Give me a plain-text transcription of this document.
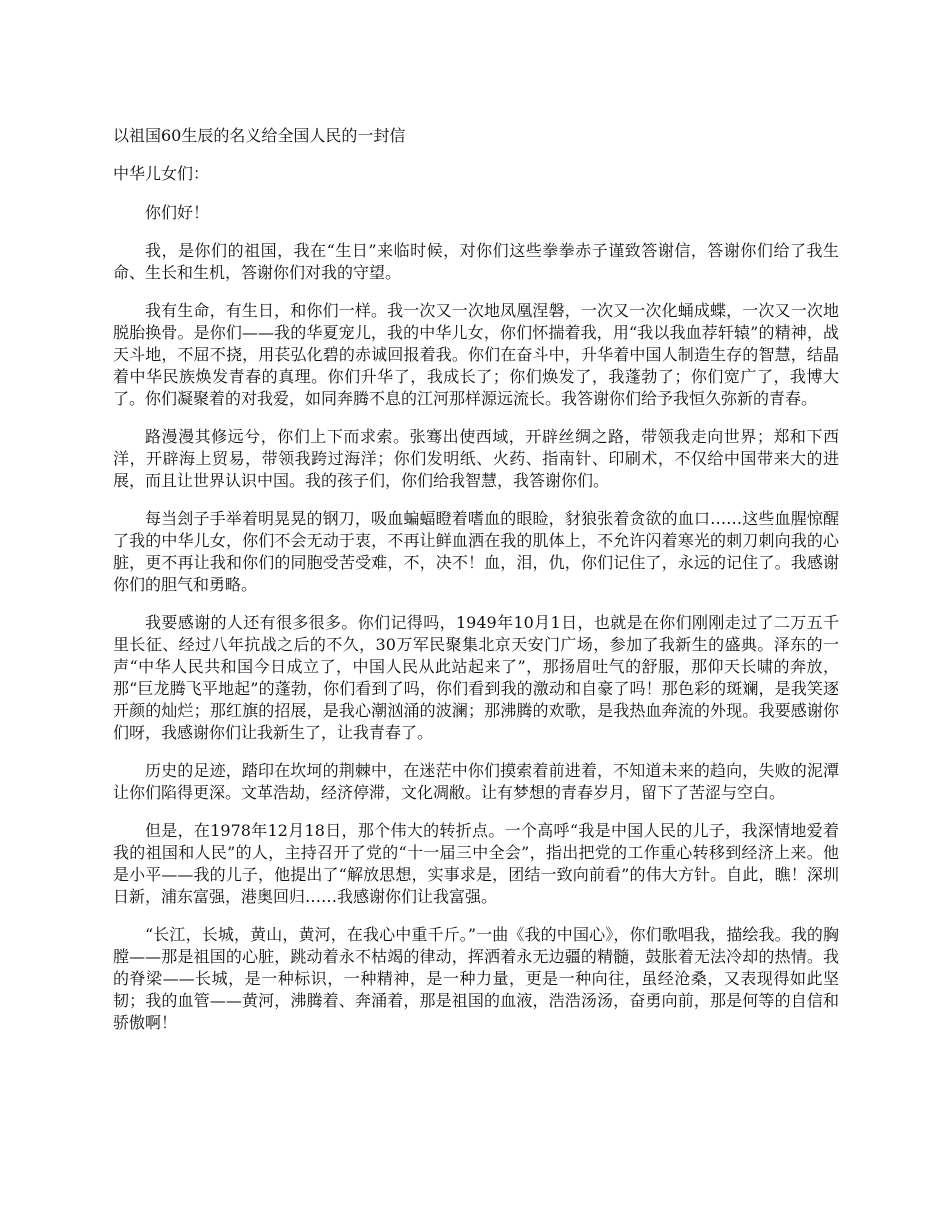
以祖国60生辰的名义给全国人民的一封信

中华儿女们：

你们好！

我，是你们的祖国，我在“生日”来临时候，对你们这些拳拳赤子谨致答谢信，答谢你们给了我生命、生长和生机，答谢你们对我的守望。

我有生命，有生日，和你们一样。我一次又一次地凤凰涅磐，一次又一次化蛹成蝶，一次又一次地脱胎换骨。是你们——我的华夏宠儿，我的中华儿女，你们怀揣着我，用“我以我血荐轩辕”的精神，战天斗地，不屈不挠，用苌弘化碧的赤诚回报着我。你们在奋斗中，升华着中国人制造生存的智慧，结晶着中华民族焕发青春的真理。你们升华了，我成长了；你们焕发了，我蓬勃了；你们宽广了，我博大了。你们凝聚着的对我爱，如同奔腾不息的江河那样源远流长。我答谢你们给予我恒久弥新的青春。

路漫漫其修远兮，你们上下而求索。张骞出使西域，开辟丝绸之路，带领我走向世界；郑和下西洋，开辟海上贸易，带领我跨过海洋；你们发明纸、火药、指南针、印刷术，不仅给中国带来大的进展，而且让世界认识中国。我的孩子们，你们给我智慧，我答谢你们。

每当刽子手举着明晃晃的钢刀，吸血蝙蝠瞪着嗜血的眼睑，豺狼张着贪欲的血口……这些血腥惊醒了我的中华儿女，你们不会无动于衷，不再让鲜血洒在我的肌体上，不允许闪着寒光的刺刀刺向我的心脏，更不再让我和你们的同胞受苦受难，不，决不！血，泪，仇，你们记住了，永远的记住了。我感谢你们的胆气和勇略。

我要感谢的人还有很多很多。你们记得吗，1949年10月1日，也就是在你们刚刚走过了二万五千里长征、经过八年抗战之后的不久，30万军民聚集北京天安门广场，参加了我新生的盛典。泽东的一声“中华人民共和国今日成立了，中国人民从此站起来了”，那扬眉吐气的舒服，那仰天长啸的奔放，那“巨龙腾飞平地起”的蓬勃，你们看到了吗，你们看到我的激动和自豪了吗！那色彩的斑斓，是我笑逐开颜的灿烂；那红旗的招展，是我心潮汹涌的波澜；那沸腾的欢歌，是我热血奔流的外现。我要感谢你们呀，我感谢你们让我新生了，让我青春了。

历史的足迹，踏印在坎坷的荆棘中，在迷茫中你们摸索着前进着，不知道未来的趋向，失败的泥潭让你们陷得更深。文革浩劫，经济停滞，文化凋敝。让有梦想的青春岁月，留下了苦涩与空白。

但是，在1978年12月18日，那个伟大的转折点。一个高呼“我是中国人民的儿子，我深情地爱着我的祖国和人民”的人，主持召开了党的“十一届三中全会”，指出把党的工作重心转移到经济上来。他是小平——我的儿子，他提出了“解放思想，实事求是，团结一致向前看”的伟大方针。自此，瞧！深圳日新，浦东富强，港奥回归……我感谢你们让我富强。

“长江，长城，黄山，黄河，在我心中重千斤。”一曲《我的中国心》，你们歌唱我，描绘我。我的胸膛——那是祖国的心脏，跳动着永不枯竭的律动，挥洒着永无边疆的精髓，鼓胀着无法冷却的热情。我的脊梁——长城，是一种标识，一种精神，是一种力量，更是一种向往，虽经沧桑，又表现得如此坚韧；我的血管——黄河，沸腾着、奔涌着，那是祖国的血液，浩浩汤汤，奋勇向前，那是何等的自信和骄傲啊！
